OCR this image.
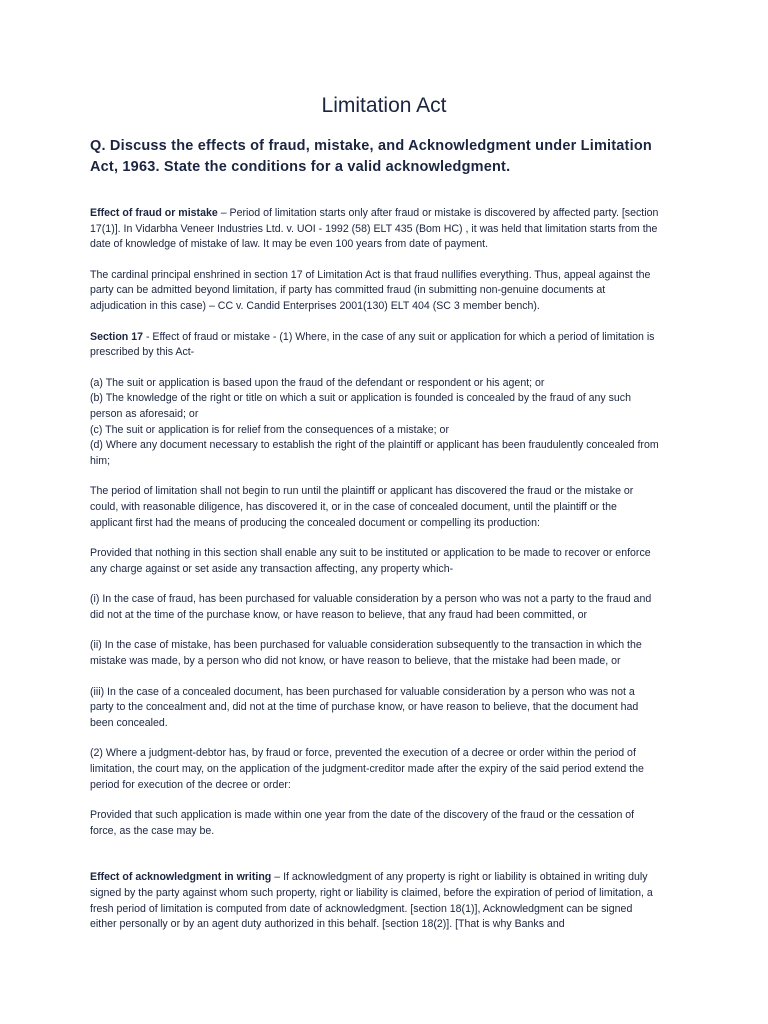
Limitation Act

Q. Discuss the effects of fraud, mistake, and Acknowledgment under Limitation Act, 1963. State the conditions for a valid acknowledgment.

Effect of fraud or mistake – Period of limitation starts only after fraud or mistake is discovered by affected party. [section 17(1)]. In Vidarbha Veneer Industries Ltd. v. UOI - 1992 (58) ELT 435 (Bom HC) , it was held that limitation starts from the date of knowledge of mistake of law. It may be even 100 years from date of payment.

The cardinal principal enshrined in section 17 of Limitation Act is that fraud nullifies everything. Thus, appeal against the party can be admitted beyond limitation, if party has committed fraud (in submitting non-genuine documents at adjudication in this case) – CC v. Candid Enterprises 2001(130) ELT 404 (SC 3 member bench).

Section 17 - Effect of fraud or mistake - (1) Where, in the case of any suit or application for which a period of limitation is prescribed by this Act-

(a) The suit or application is based upon the fraud of the defendant or respondent or his agent; or

(b) The knowledge of the right or title on which a suit or application is founded is concealed by the fraud of any such person as aforesaid; or

(c) The suit or application is for relief from the consequences of a mistake; or

(d) Where any document necessary to establish the right of the plaintiff or applicant has been fraudulently concealed from him;

The period of limitation shall not begin to run until the plaintiff or applicant has discovered the fraud or the mistake or could, with reasonable diligence, has discovered it, or in the case of concealed document, until the plaintiff or the applicant first had the means of producing the concealed document or compelling its production:

Provided that nothing in this section shall enable any suit to be instituted or application to be made to recover or enforce any charge against or set aside any transaction affecting, any property which-

(i) In the case of fraud, has been purchased for valuable consideration by a person who was not a party to the fraud and did not at the time of the purchase know, or have reason to believe, that any fraud had been committed, or

(ii) In the case of mistake, has been purchased for valuable consideration subsequently to the transaction in which the mistake was made, by a person who did not know, or have reason to believe, that the mistake had been made, or

(iii) In the case of a concealed document, has been purchased for valuable consideration by a person who was not a party to the concealment and, did not at the time of purchase know, or have reason to believe, that the document had been concealed.

(2) Where a judgment-debtor has, by fraud or force, prevented the execution of a decree or order within the period of limitation, the court may, on the application of the judgment-creditor made after the expiry of the said period extend the period for execution of the decree or order:

Provided that such application is made within one year from the date of the discovery of the fraud or the cessation of force, as the case may be.

Effect of acknowledgment in writing – If acknowledgment of any property is right or liability is obtained in writing duly signed by the party against whom such property, right or liability is claimed, before the expiration of period of limitation, a fresh period of limitation is computed from date of acknowledgment. [section 18(1)], Acknowledgment can be signed either personally or by an agent duty authorized in this behalf. [section 18(2)]. [That is why Banks and
